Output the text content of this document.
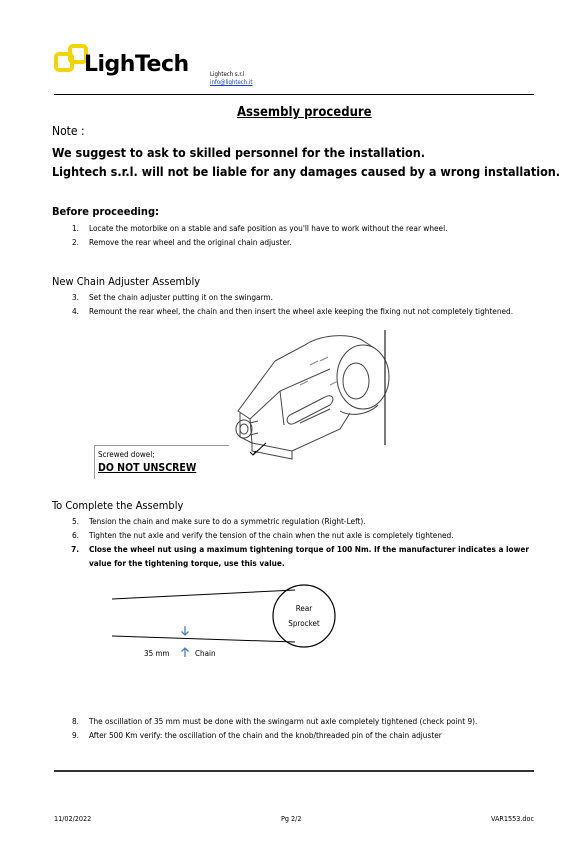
LighTech	Lightech s.r.l
info@lightech.it
Assembly procedure
Note :
We suggest to ask to skilled personnel for the installation.
Lightech s.r.l. will not be liable for any damages caused by a wrong installation.
Before proceeding:
1. Locate the motorbike on a stable and safe position as you'll have to work without the rear wheel.
2. Remove the rear wheel and the original chain adjuster.
New Chain Adjuster Assembly
3. Set the chain adjuster putting it on the swingarm.
4. Remount the rear wheel, the chain and then insert the wheel axle keeping the fixing nut not completely tightened.
Screwed dowel;
DO NOT UNSCREW
To Complete the Assembly
5. Tension the chain and make sure to do a symmetric regulation (Right-Left).
6. Tighten the nut axle and verify the tension of the chain when the nut axle is completely tightened.
7. Close the wheel nut using a maximum tightening torque of 100 Nm. If the manufacturer indicates a lower
value for the tightening torque, use this value.
Rear
Sprocket
35 mm	Chain
8. The oscillation of 35 mm must be done with the swingarm nut axle completely tightened (check point 9).
9. After 500 Km verify: the oscillation of the chain and the knob/threaded pin of the chain adjuster
11/02/2022	Pg 2/2	VAR1553.doc
